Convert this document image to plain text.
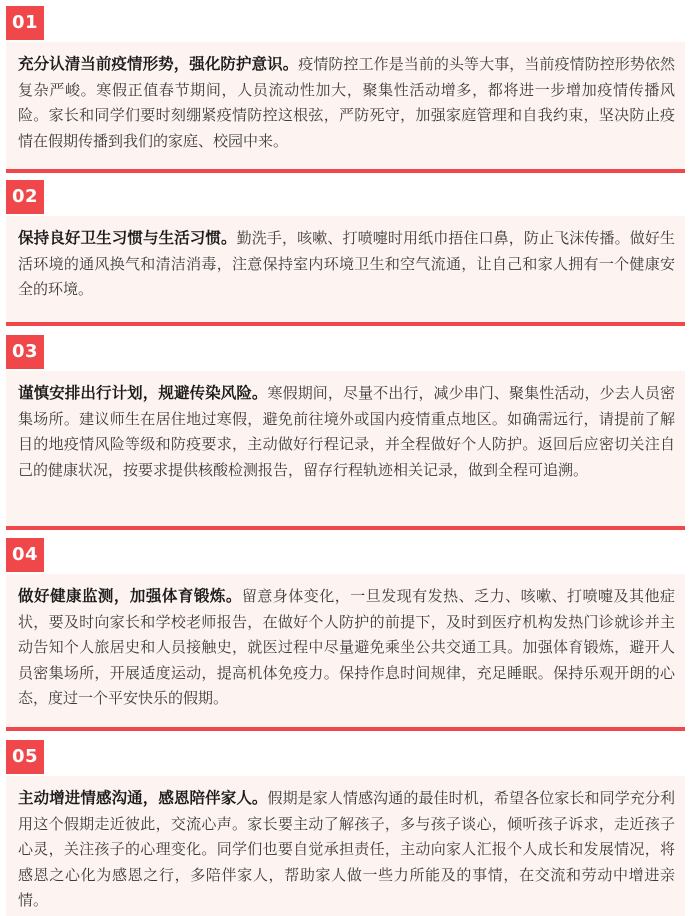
01

充分认清当前疫情形势，强化防护意识。疫情防控工作是当前的头等大事，当前疫情防控形势依然复杂严峻。寒假正值春节期间，人员流动性加大，聚集性活动增多，都将进一步增加疫情传播风险。家长和同学们要时刻绷紧疫情防控这根弦，严防死守，加强家庭管理和自我约束，坚决防止疫情在假期传播到我们的家庭、校园中来。

02

保持良好卫生习惯与生活习惯。勤洗手，咳嗽、打喷嚏时用纸巾捂住口鼻，防止飞沫传播。做好生活环境的通风换气和清洁消毒，注意保持室内环境卫生和空气流通，让自己和家人拥有一个健康安全的环境。

03

谨慎安排出行计划，规避传染风险。寒假期间，尽量不出行，减少串门、聚集性活动，少去人员密集场所。建议师生在居住地过寒假，避免前往境外或国内疫情重点地区。如确需远行，请提前了解目的地疫情风险等级和防疫要求，主动做好行程记录，并全程做好个人防护。返回后应密切关注自己的健康状况，按要求提供核酸检测报告，留存行程轨迹相关记录，做到全程可追溯。

04

做好健康监测，加强体育锻炼。留意身体变化，一旦发现有发热、乏力、咳嗽、打喷嚏及其他症状，要及时向家长和学校老师报告，在做好个人防护的前提下，及时到医疗机构发热门诊就诊并主动告知个人旅居史和人员接触史，就医过程中尽量避免乘坐公共交通工具。加强体育锻炼，避开人员密集场所，开展适度运动，提高机体免疫力。保持作息时间规律，充足睡眠。保持乐观开朗的心态，度过一个平安快乐的假期。

05

主动增进情感沟通，感恩陪伴家人。假期是家人情感沟通的最佳时机，希望各位家长和同学充分利用这个假期走近彼此，交流心声。家长要主动了解孩子，多与孩子谈心，倾听孩子诉求，走近孩子心灵，关注孩子的心理变化。同学们也要自觉承担责任，主动向家人汇报个人成长和发展情况，将感恩之心化为感恩之行，多陪伴家人，帮助家人做一些力所能及的事情，在交流和劳动中增进亲情。
